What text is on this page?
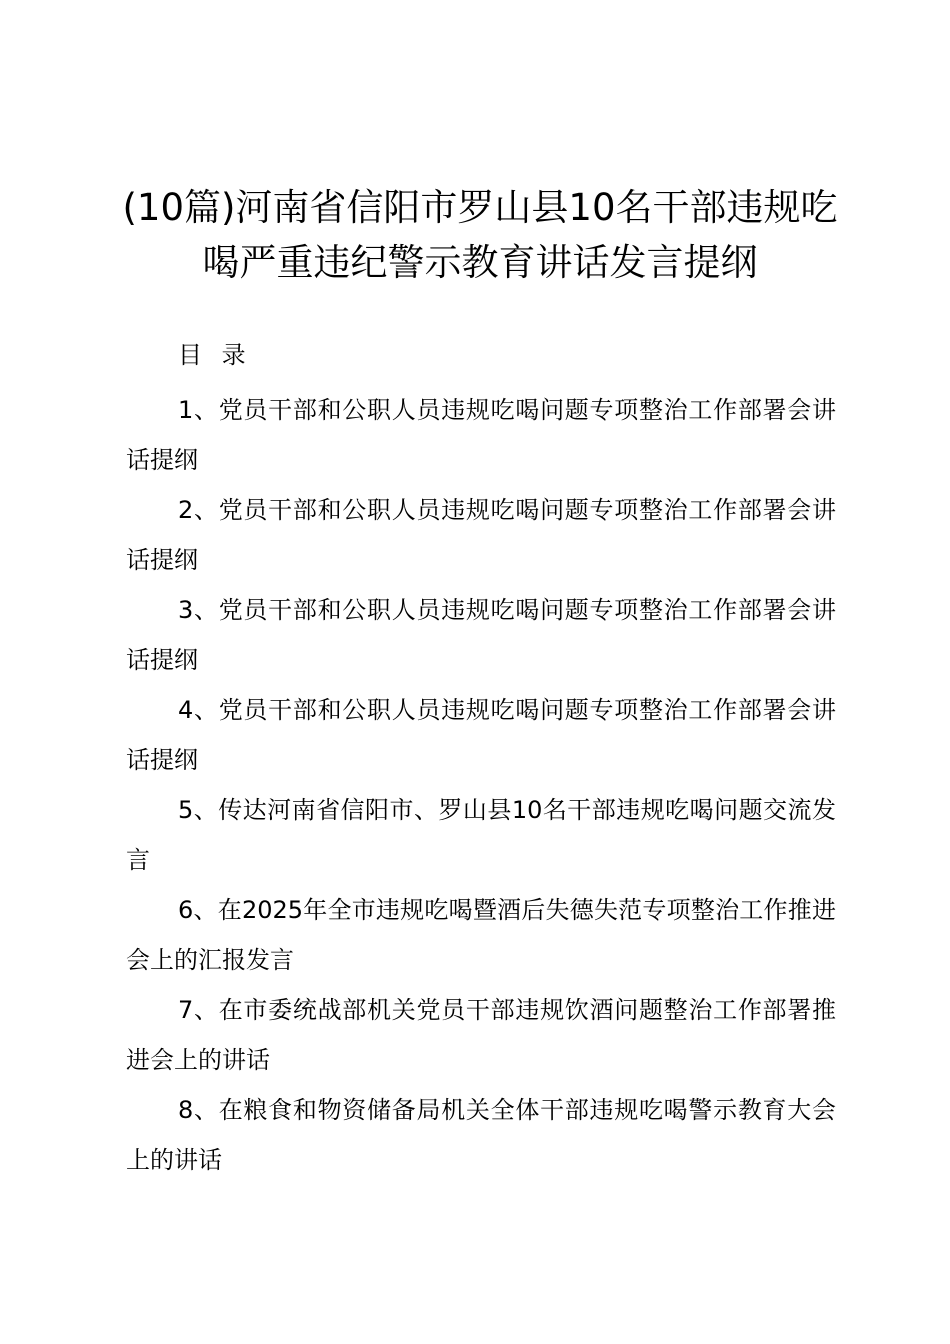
(10篇)河南省信阳市罗山县10名干部违规吃喝严重违纪警示教育讲话发言提纲
目 录
1、党员干部和公职人员违规吃喝问题专项整治工作部署会讲话提纲
2、党员干部和公职人员违规吃喝问题专项整治工作部署会讲话提纲
3、党员干部和公职人员违规吃喝问题专项整治工作部署会讲话提纲
4、党员干部和公职人员违规吃喝问题专项整治工作部署会讲话提纲
5、传达河南省信阳市、罗山县10名干部违规吃喝问题交流发言
6、在2025年全市违规吃喝暨酒后失德失范专项整治工作推进会上的汇报发言
7、在市委统战部机关党员干部违规饮酒问题整治工作部署推进会上的讲话
8、在粮食和物资储备局机关全体干部违规吃喝警示教育大会上的讲话
